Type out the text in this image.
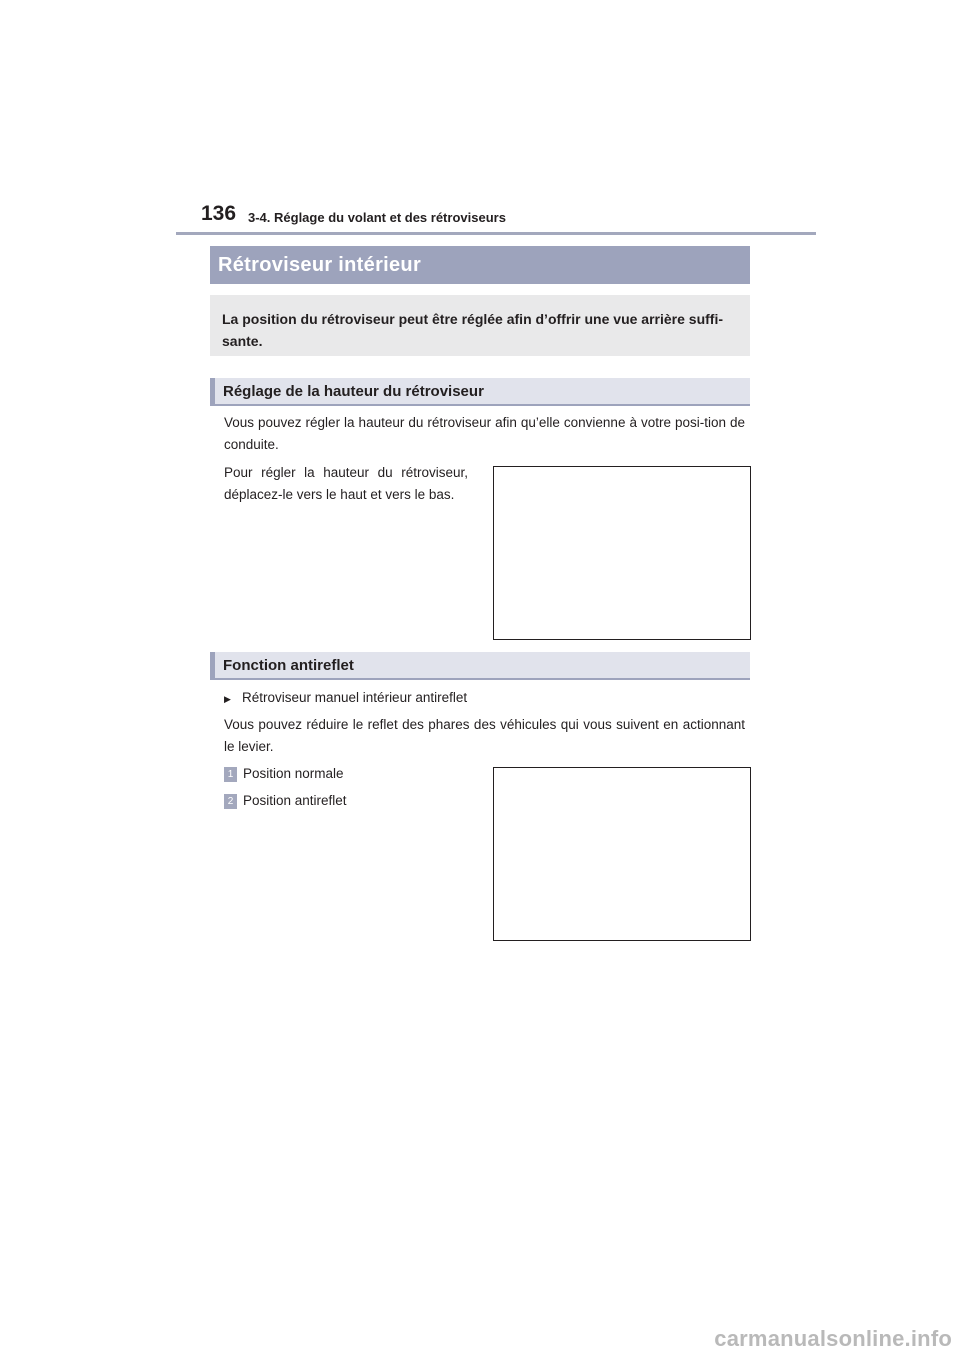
136 3-4. Réglage du volant et des rétroviseurs
Rétroviseur intérieur
La position du rétroviseur peut être réglée afin d’offrir une vue arrière suffi-sante.
Réglage de la hauteur du rétroviseur
Vous pouvez régler la hauteur du rétroviseur afin qu’elle convienne à votre posi-tion de conduite.
Pour régler la hauteur du rétroviseur, déplacez-le vers le haut et vers le bas.
Fonction antireflet
▶ Rétroviseur manuel intérieur antireflet
Vous pouvez réduire le reflet des phares des véhicules qui vous suivent en actionnant le levier.
1 Position normale
2 Position antireflet
carmanualsonline.info
